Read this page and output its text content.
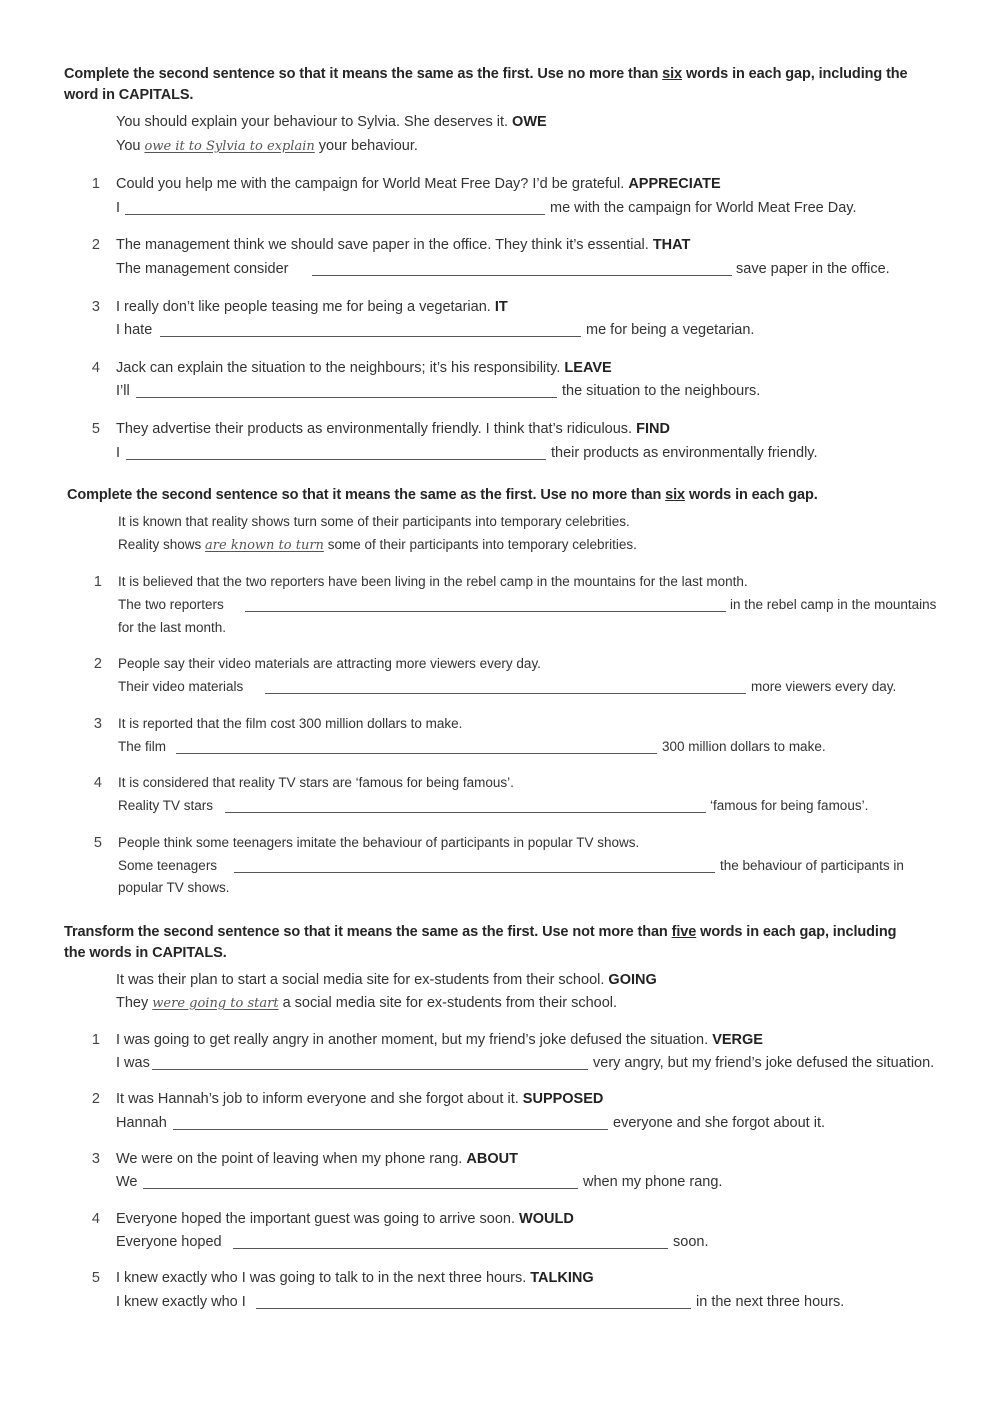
Complete the second sentence so that it means the same as the first. Use no more than six words in each gap, including the
word in CAPITALS.
You should explain your behaviour to Sylvia. She deserves it. OWE
You owe it to Sylvia to explain your behaviour.
1 Could you help me with the campaign for World Meat Free Day? I’d be grateful. APPRECIATE
I	me with the campaign for World Meat Free Day.
2 The management think we should save paper in the office. They think it’s essential. THAT
The management consider	save paper in the office.
3 I really don’t like people teasing me for being a vegetarian. IT
I hate	me for being a vegetarian.
4 Jack can explain the situation to the neighbours; it’s his responsibility. LEAVE
I’ll	the situation to the neighbours.
5 They advertise their products as environmentally friendly. I think that’s ridiculous. FIND
I	their products as environmentally friendly.
Complete the second sentence so that it means the same as the first. Use no more than six words in each gap.
It is known that reality shows turn some of their participants into temporary celebrities.
Reality shows are known to turn some of their participants into temporary celebrities.
1 It is believed that the two reporters have been living in the rebel camp in the mountains for the last month.
The two reporters	in the rebel camp in the mountains
for the last month.
2 People say their video materials are attracting more viewers every day.
Their video materials	more viewers every day.
3 It is reported that the film cost 300 million dollars to make.
The film	300 million dollars to make.
4 It is considered that reality TV stars are ‘famous for being famous’.
Reality TV stars	‘famous for being famous’.
5 People think some teenagers imitate the behaviour of participants in popular TV shows.
Some teenagers	the behaviour of participants in
popular TV shows.
Transform the second sentence so that it means the same as the first. Use not more than five words in each gap, including
the words in CAPITALS.
It was their plan to start a social media site for ex-students from their school. GOING
They were going to start a social media site for ex-students from their school.
1 I was going to get really angry in another moment, but my friend’s joke defused the situation. VERGE
I was	very angry, but my friend’s joke defused the situation.
2 It was Hannah’s job to inform everyone and she forgot about it. SUPPOSED
Hannah	everyone and she forgot about it.
3 We were on the point of leaving when my phone rang. ABOUT
We	when my phone rang.
4 Everyone hoped the important guest was going to arrive soon. WOULD
Everyone hoped	soon.
5 I knew exactly who I was going to talk to in the next three hours. TALKING
I knew exactly who I	in the next three hours.
